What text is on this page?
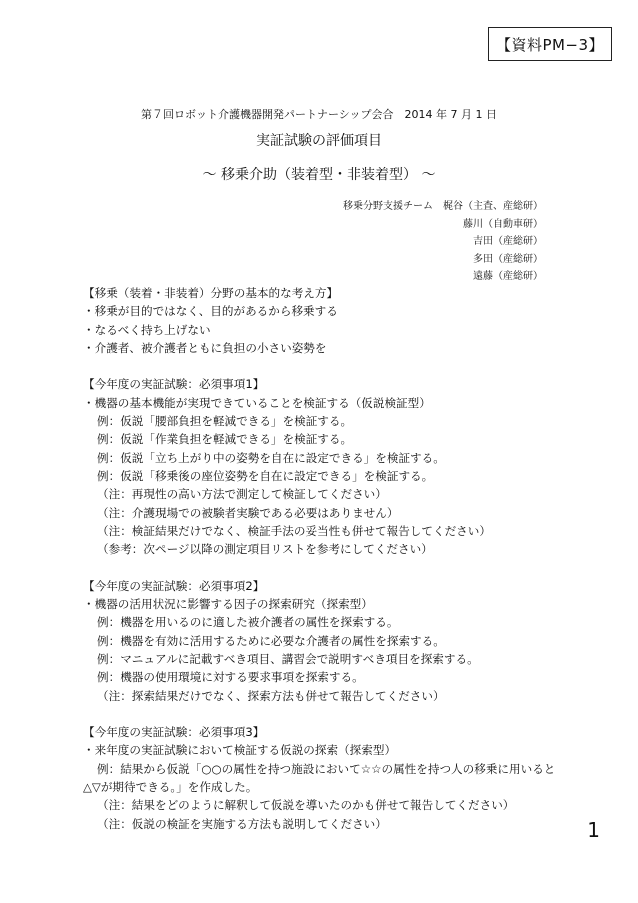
【資料PM−3】
第７回ロボット介護機器開発パートナーシップ会合　2014 年 7 月 1 日
実証試験の評価項目
～ 移乗介助（装着型・非装着型） ～
移乗分野支援チーム　梶谷（主査、産総研）
藤川（自動車研）
吉田（産総研）
多田（産総研）
遠藤（産総研）
【移乗（装着・非装着）分野の基本的な考え方】
・移乗が目的ではなく、目的があるから移乗する
・なるべく持ち上げない
・介護者、被介護者ともに負担の小さい姿勢を
【今年度の実証試験：必須事項1】
・機器の基本機能が実現できていることを検証する（仮説検証型）
例：仮説「腰部負担を軽減できる」を検証する。
例：仮説「作業負担を軽減できる」を検証する。
例：仮説「立ち上がり中の姿勢を自在に設定できる」を検証する。
例：仮説「移乗後の座位姿勢を自在に設定できる」を検証する。
（注：再現性の高い方法で測定して検証してください）
（注：介護現場での被験者実験である必要はありません）
（注：検証結果だけでなく、検証手法の妥当性も併せて報告してください）
（参考：次ページ以降の測定項目リストを参考にしてください）
【今年度の実証試験：必須事項2】
・機器の活用状況に影響する因子の探索研究（探索型）
例：機器を用いるのに適した被介護者の属性を探索する。
例：機器を有効に活用するために必要な介護者の属性を探索する。
例：マニュアルに記載すべき項目、講習会で説明すべき項目を探索する。
例：機器の使用環境に対する要求事項を探索する。
（注：探索結果だけでなく、探索方法も併せて報告してください）
【今年度の実証試験：必須事項3】
・来年度の実証試験において検証する仮説の探索（探索型）
例：結果から仮説「○○の属性を持つ施設において☆☆の属性を持つ人の移乗に用いると△▽が期待できる。」を作成した。
（注：結果をどのように解釈して仮説を導いたのかも併せて報告してください）
（注：仮説の検証を実施する方法も説明してください）	1
